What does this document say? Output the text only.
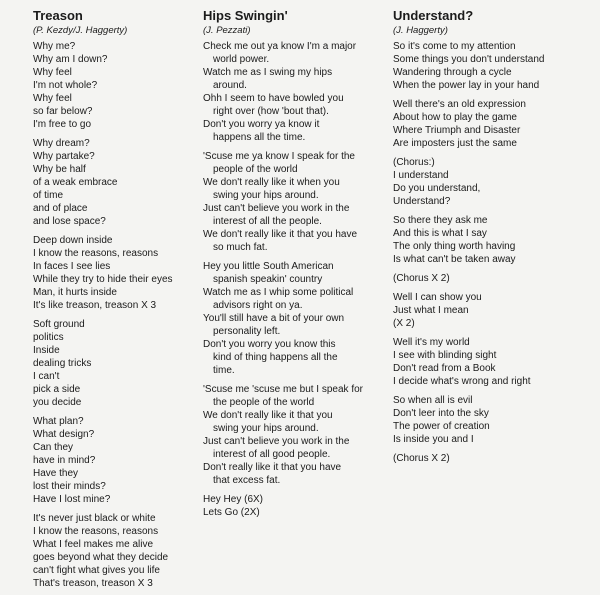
Treason
(P. Kezdy/J. Haggerty)
Why me?
Why am I down?
Why feel
I'm not whole?
Why feel
so far below?
I'm free to go
Why dream?
Why partake?
Why be half
of a weak embrace
of time
and of place
and lose space?
Deep down inside
I know the reasons, reasons
In faces I see lies
While they try to hide their eyes
Man, it hurts inside
It's like treason, treason X 3
Soft ground
politics
Inside
dealing tricks
I can't
pick a side
you decide
What plan?
What design?
Can they
have in mind?
Have they
lost their minds?
Have I lost mine?
It's never just black or white
I know the reasons, reasons
What I feel makes me alive
goes beyond what they decide
can't fight what gives you life
That's treason, treason X 3
Hips Swingin'
(J. Pezzati)
Check me out ya know I'm a major
world power.
Watch me as I swing my hips
around.
Ohh I seem to have bowled you
right over (how 'bout that).
Don't you worry ya know it
happens all the time.
'Scuse me ya know I speak for the
people of the world
We don't really like it when you
swing your hips around.
Just can't believe you work in the
interest of all the people.
We don't really like it that you have
so much fat.
Hey you little South American
spanish speakin' country
Watch me as I whip some political
advisors right on ya.
You'll still have a bit of your own
personality left.
Don't you worry you know this
kind of thing happens all the
time.
'Scuse me 'scuse me but I speak for
the people of the world
We don't really like it that you
swing your hips around.
Just can't believe you work in the
interest of all good people.
Don't really like it that you have
that excess fat.
Hey Hey (6X)
Lets Go (2X)
Understand?
(J. Haggerty)
So it's come to my attention
Some things you don't understand
Wandering through a cycle
When the power lay in your hand
Well there's an old expression
About how to play the game
Where Triumph and Disaster
Are imposters just the same
(Chorus:)
I understand
Do you understand,
Understand?
So there they ask me
And this is what I say
The only thing worth having
Is what can't be taken away
(Chorus X 2)
Well I can show you
Just what I mean
(X 2)
Well it's my world
I see with blinding sight
Don't read from a Book
I decide what's wrong and right
So when all is evil
Don't leer into the sky
The power of creation
Is inside you and I
(Chorus X 2)
